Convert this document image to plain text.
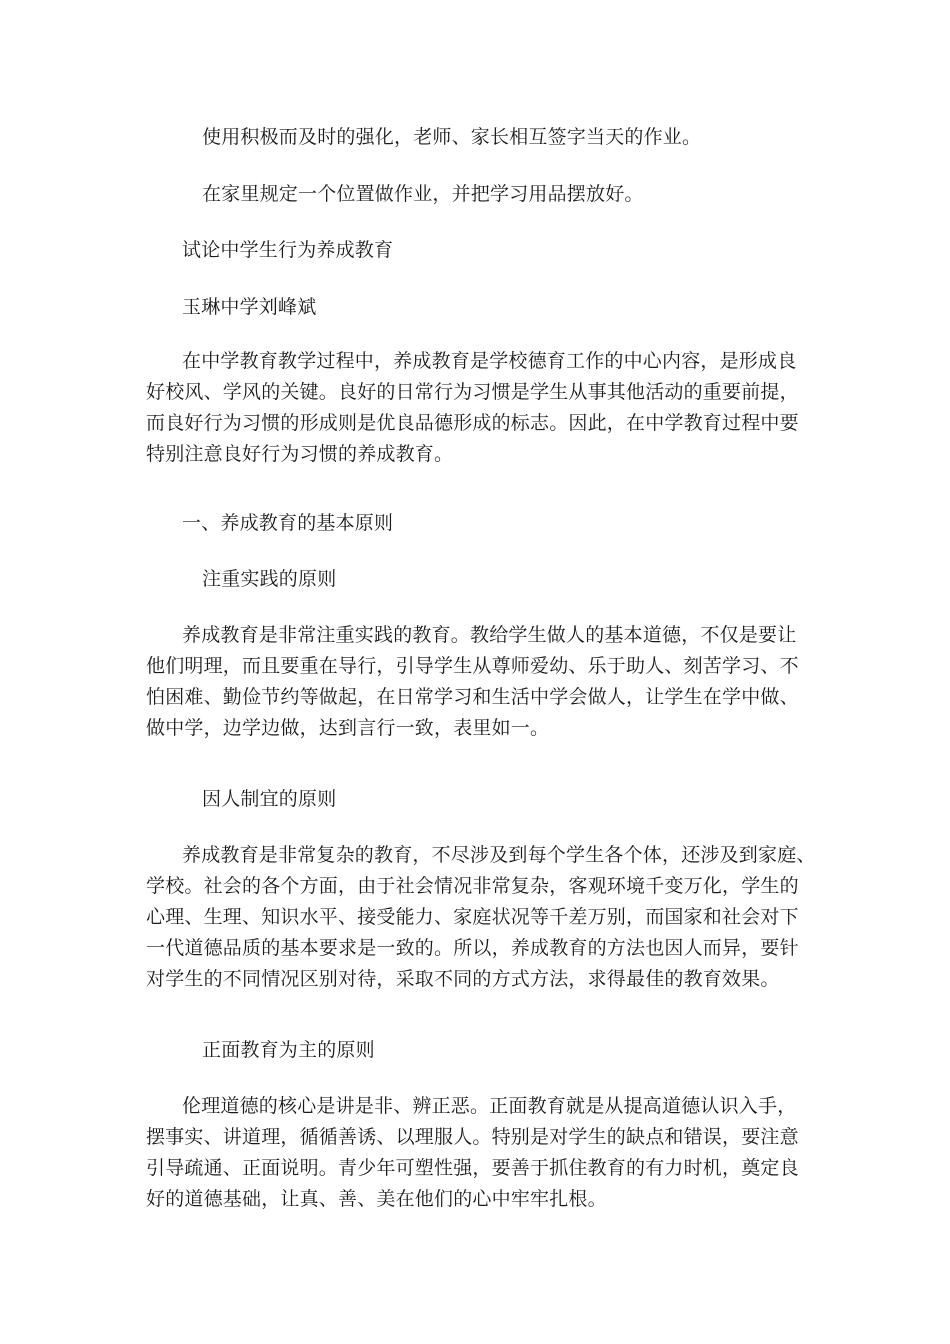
使用积极而及时的强化，老师、家长相互签字当天的作业。
在家里规定一个位置做作业，并把学习用品摆放好。
试论中学生行为养成教育
玉琳中学刘峰斌
在中学教育教学过程中，养成教育是学校德育工作的中心内容，是形成良
好校风、学风的关键。良好的日常行为习惯是学生从事其他活动的重要前提，
而良好行为习惯的形成则是优良品德形成的标志。因此，在中学教育过程中要
特别注意良好行为习惯的养成教育。
一、养成教育的基本原则
注重实践的原则
养成教育是非常注重实践的教育。教给学生做人的基本道德，不仅是要让
他们明理，而且要重在导行，引导学生从尊师爱幼、乐于助人、刻苦学习、不
怕困难、勤俭节约等做起，在日常学习和生活中学会做人，让学生在学中做、
做中学，边学边做，达到言行一致，表里如一。
因人制宜的原则
养成教育是非常复杂的教育，不尽涉及到每个学生各个体，还涉及到家庭、
学校。社会的各个方面，由于社会情况非常复杂，客观环境千变万化，学生的
心理、生理、知识水平、接受能力、家庭状况等千差万别，而国家和社会对下
一代道德品质的基本要求是一致的。所以，养成教育的方法也因人而异，要针
对学生的不同情况区别对待，采取不同的方式方法，求得最佳的教育效果。
正面教育为主的原则
伦理道德的核心是讲是非、辨正恶。正面教育就是从提高道德认识入手，
摆事实、讲道理，循循善诱、以理服人。特别是对学生的缺点和错误，要注意
引导疏通、正面说明。青少年可塑性强，要善于抓住教育的有力时机，奠定良
好的道德基础，让真、善、美在他们的心中牢牢扎根。
